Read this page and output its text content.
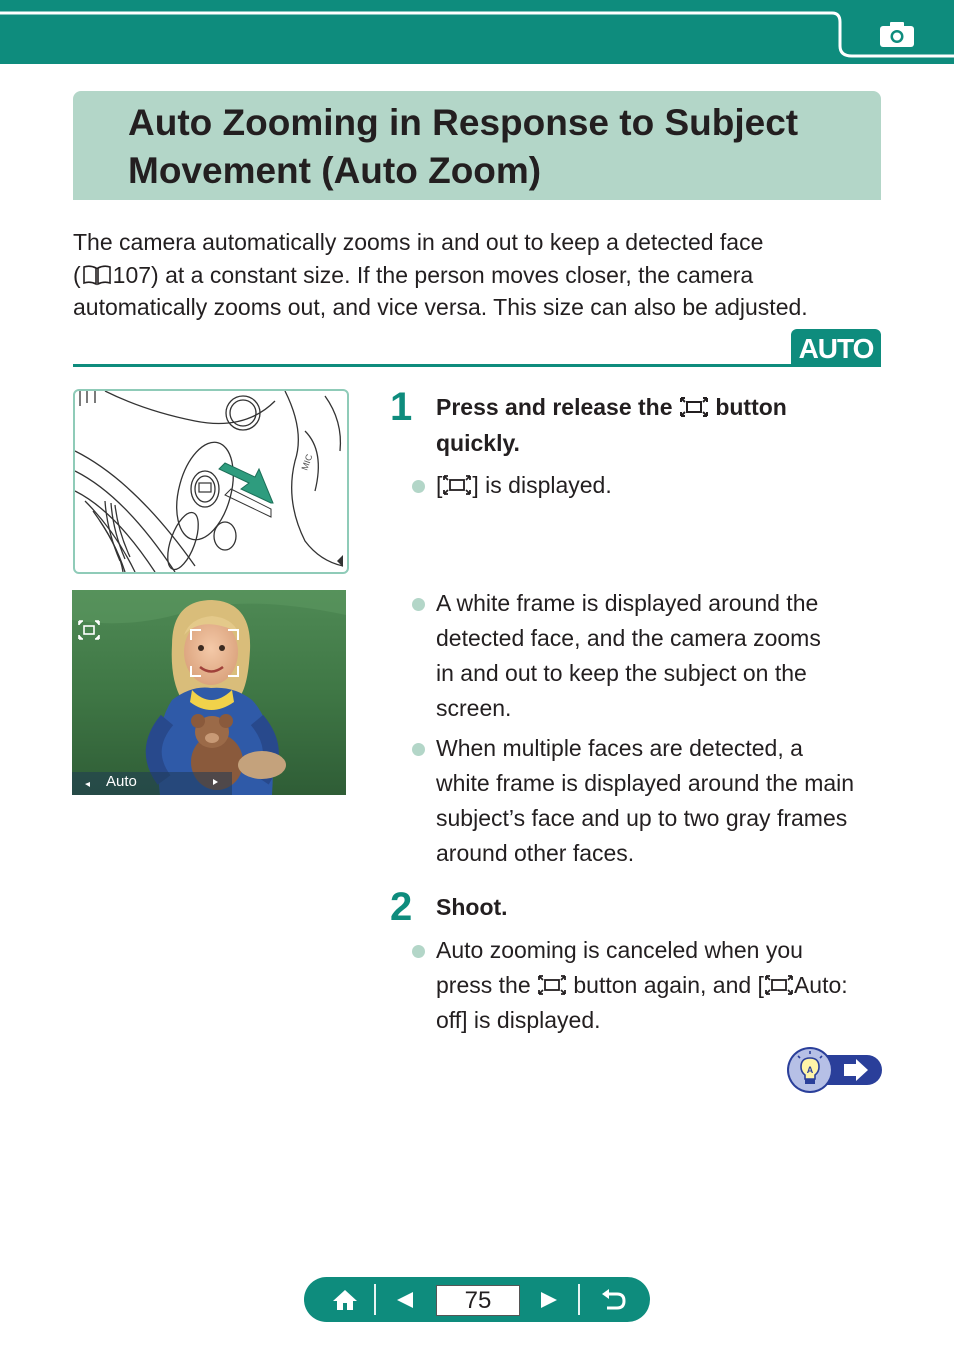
Auto Zooming in Response to Subject Movement (Auto Zoom)
The camera automatically zooms in and out to keep a detected face
( 107) at a constant size. If the person moves closer, the camera
automatically zooms out, and vice versa. This size can also be adjusted.
AUTO
MIC
Auto
1 Press and release the button
quickly.
[ ] is displayed.
A white frame is displayed around the
detected face, and the camera zooms
in and out to keep the subject on the
screen.
When multiple faces are detected, a
white frame is displayed around the main
subject’s face and up to two gray frames
around other faces.
2 Shoot.
Auto zooming is canceled when you
press the button again, and [ Auto:
off] is displayed.
A
75
